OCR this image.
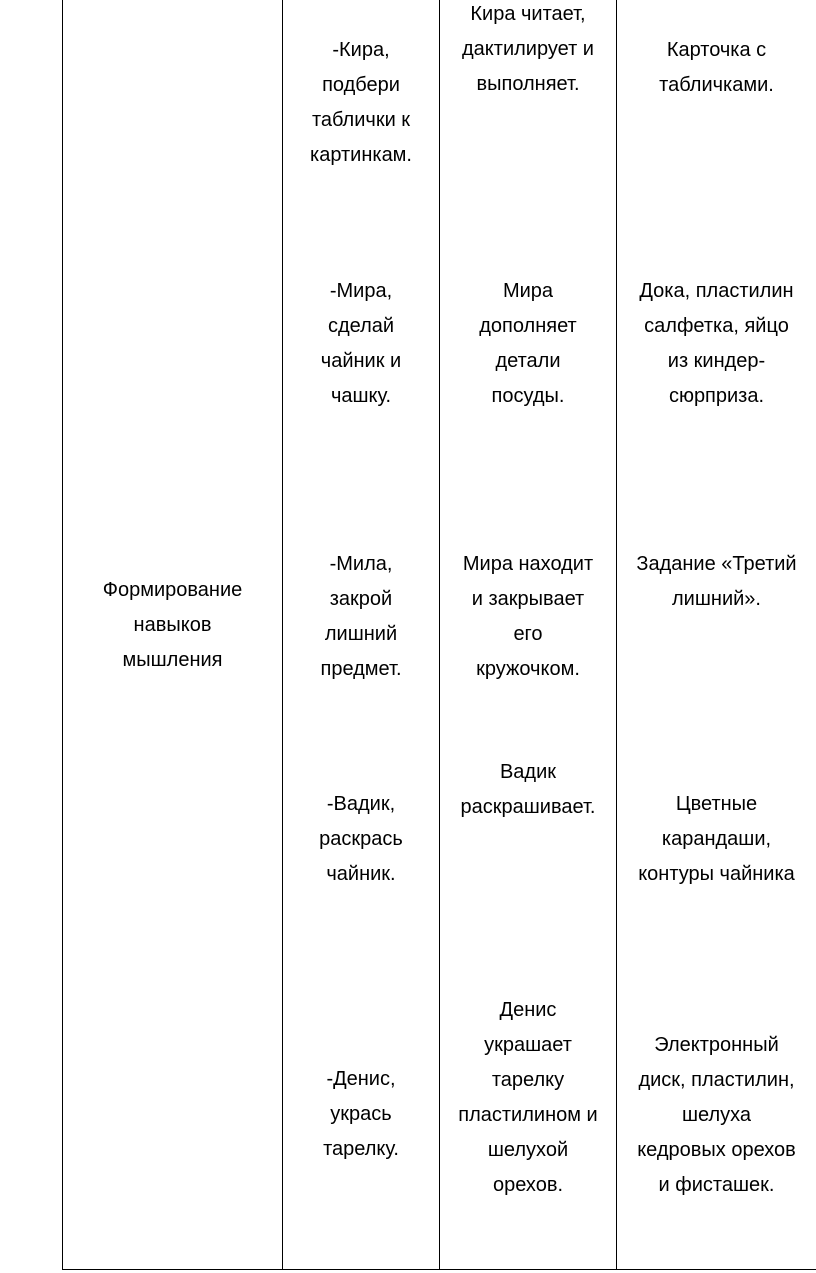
Формирование
навыков
мышления
-Кира,
подбери
таблички к
картинкам.
Кира читает,
дактилирует и
выполняет.
Карточка с
табличками.
-Мира,
сделай
чайник и
чашку.
Мира
дополняет
детали
посуды.
Дока, пластилин
салфетка, яйцо
из киндер-
сюрприза.
-Мила,
закрой
лишний
предмет.
Мира находит
и закрывает
его
кружочком.
Задание «Третий
лишний».
-Вадик,
раскрась
чайник.
Вадик
раскрашивает.	Цветные
карандаши,
контуры чайника
-Денис,
укрась
тарелку.
Денис
украшает
тарелку
пластилином и
шелухой
орехов.
Электронный
диск, пластилин,
шелуха
кедровых орехов
и фисташек.
